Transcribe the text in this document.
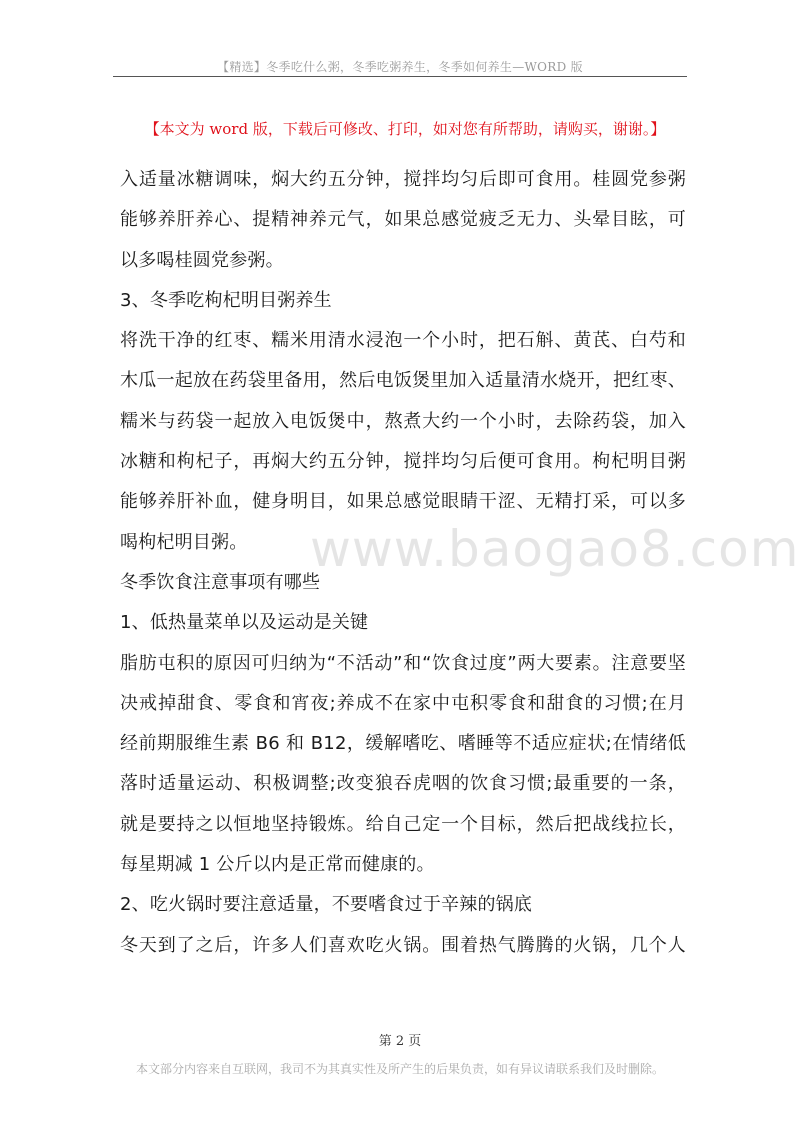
【精选】冬季吃什么粥，冬季吃粥养生，冬季如何养生—WORD 版
【本文为 word 版，下载后可修改、打印，如对您有所帮助，请购买，谢谢。】
www.baogao8.com
入适量冰糖调味，焖大约五分钟，搅拌均匀后即可食用。桂圆党参粥
能够养肝养心、提精神养元气，如果总感觉疲乏无力、头晕目眩，可
以多喝桂圆党参粥。
3、冬季吃枸杞明目粥养生
将洗干净的红枣、糯米用清水浸泡一个小时，把石斛、黄芪、白芍和
木瓜一起放在药袋里备用，然后电饭煲里加入适量清水烧开，把红枣、
糯米与药袋一起放入电饭煲中，熬煮大约一个小时，去除药袋，加入
冰糖和枸杞子，再焖大约五分钟，搅拌均匀后便可食用。枸杞明目粥
能够养肝补血，健身明目，如果总感觉眼睛干涩、无精打采，可以多
喝枸杞明目粥。
冬季饮食注意事项有哪些
1、低热量菜单以及运动是关键
脂肪屯积的原因可归纳为“不活动”和“饮食过度”两大要素。注意要坚
决戒掉甜食、零食和宵夜;养成不在家中屯积零食和甜食的习惯;在月
经前期服维生素 B6 和 B12，缓解嗜吃、嗜睡等不适应症状;在情绪低
落时适量运动、积极调整;改变狼吞虎咽的饮食习惯;最重要的一条，
就是要持之以恒地坚持锻炼。给自己定一个目标，然后把战线拉长，
每星期减 1 公斤以内是正常而健康的。
2、吃火锅时要注意适量，不要嗜食过于辛辣的锅底
冬天到了之后，许多人们喜欢吃火锅。围着热气腾腾的火锅，几个人
第 2 页
本文部分内容来自互联网，我司不为其真实性及所产生的后果负责，如有异议请联系我们及时删除。
